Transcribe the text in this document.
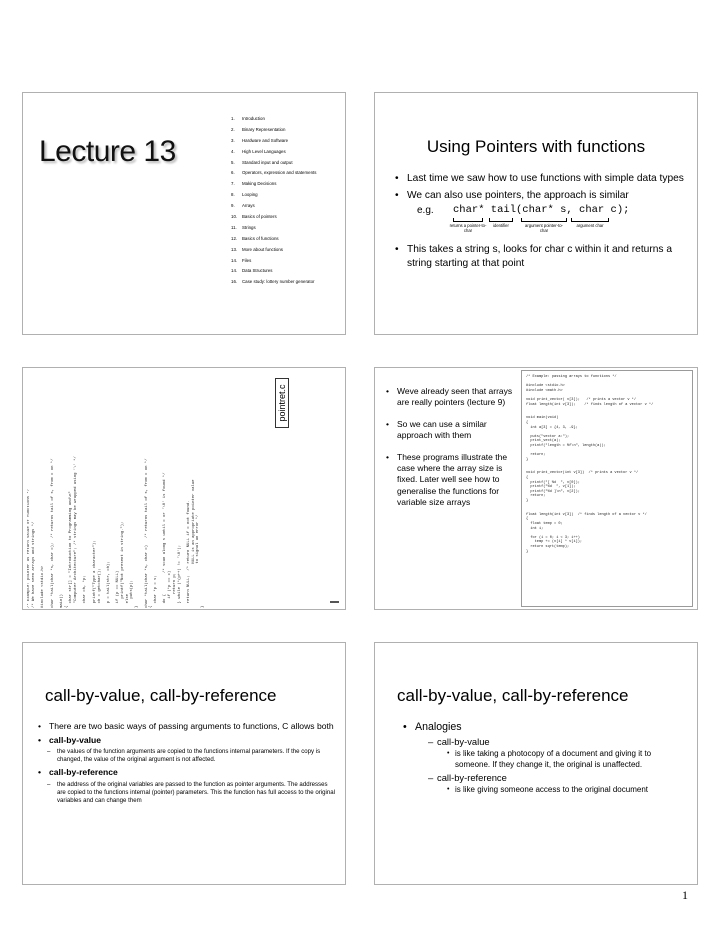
Lecture 13
1.	Introduction
2.	Binary Representation
3.	Hardware and Software
4.	High Level Languages
5.	Standard input and output
6.	Operators, expression and statements
7.	Making Decisions
8.	Looping
9.	Arrays
10.	Basics of pointers
11.	Strings
12.	Basics of functions
13.	More about functions
14.	Files
14.	Data Structures
16.	Case study: lottery number generator
Using Pointers with functions
• Last time we saw how to use functions with simple data types
• We can also use pointers, the approach is similar
e.g. char* tail(char* s, char c);
returns a pointer-to-char
identifier	argument pointer-to-char
argument char
• This takes a string s, looks for char c within it and returns a string starting at that point
/* Example: pointer as return value of functions */
/* We have seen arrays and strings */

#include <stdio.h>

char *tail(char *s, char c);  /* returns tail of s, from c on */

main()
{
char str[] = "Introduction to Programming and\n"
"Computer Architecture"; /* strings may be wrapped using '\' */

char ch, *p;

printf("Type a character");
ch = getchar();

p = tail(str, ch);

if (p == NULL)
printf("Not present in string.");
else
puts(p);
}

char *tail(char *s, char c)   /* returns tail of s, from c on */
{
char *p = s;

do {         /* scan along s until c or '\0' is found */
if (*p == c)
return p;
} while (*(p++) != '\0');

return NULL;  /* return NULL if c not found.
NULL is an appropriate pointer value
to signal an error */
}
pointret.c
•	Weve already seen that arrays are really pointers (lecture 9)
• So we can use a similar approach with them
• These programs illustrate the case where the array size is fixed. Later well see how to generalise the functions for variable size arrays
/* Example: passing arrays to functions */

#include <stdio.h>
#include <math.h>

void print_vector( v[3]);   /* prints a vector v */
float length(int v[3]);    /* finds length of a vector v */

void main(void)
{
int a[3] = {4, 3, -9};

puts("vector a:");
print_vect(a);
printf("length = %f\n", length(a));

return;
}

void print_vector(int v[3])  /* prints a vector v */
{
printf("[ %d  ", v[0]);
printf("%d  ", v[1]);
printf("%d ]\n", v[2]);
return;
}

float length(int v[3])  /* finds length of a vector v */
{
float temp = 0;
int i;

for (i = 0; i < 3; i++)
temp += (v[i] * v[i]);
return sqrt(temp);
}
call-by-value, call-by-reference
• There are two basic ways of passing arguments to functions, C allows both
• call-by-value
– the values of the function arguments are copied to the functions internal parameters. If the copy is changed, the value of the original argument is not affected.
• call-by-reference
– the address of the original variables are passed to the function as pointer arguments. The addresses are copied to the functions internal (pointer) parameters. This the function has full access to the original variables and can change them
call-by-value, call-by-reference
• Analogies
– call-by-value
• is like taking a photocopy of a document and giving it to someone. If they change it, the original is unaffected.
– call-by-reference
• is like giving someone access to the original document
1
